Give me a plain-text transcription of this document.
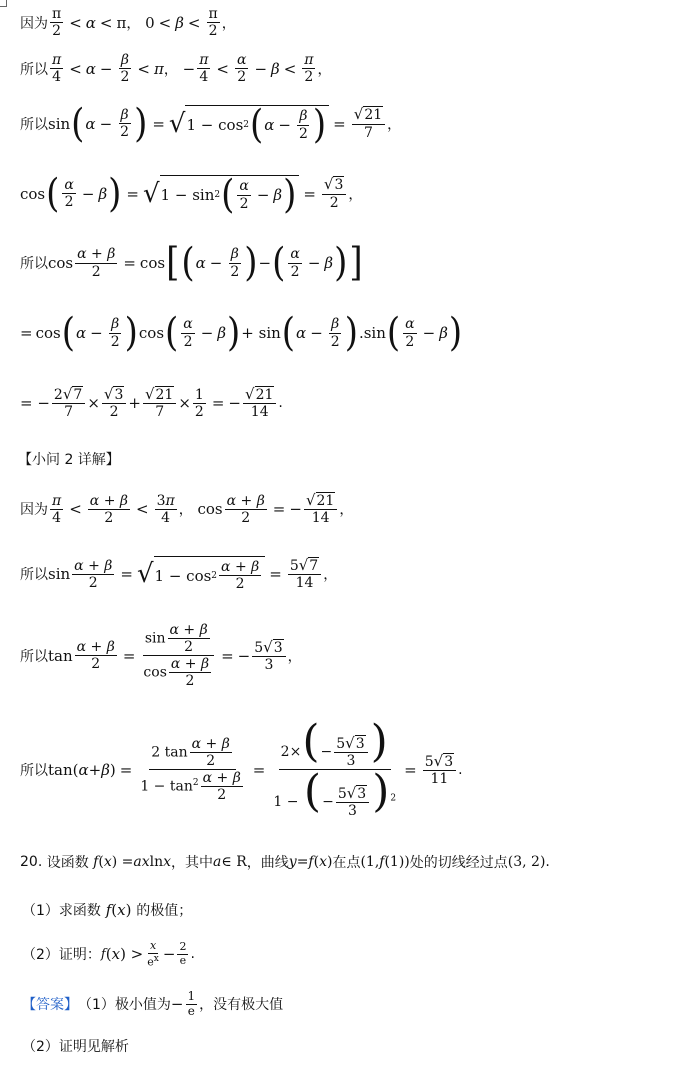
因为 $\frac{\pi}{2} < \alpha < \pi$ ， $0 < \beta < \frac{\pi}{2}$ ，
所以 $\frac{\pi}{4} < \alpha - \frac{\beta}{2} < \pi$ ， − $\frac{\pi}{4} < \frac{\alpha}{2} - \beta < \frac{\pi}{2}$ ，
所以 sin ( $\alpha - \frac{\beta}{2}$ ) = √ 1 − cos 2 ( $\alpha - \frac{\beta}{2}$ ) = $\frac{√ 21}{7}$ ，
cos ( $\frac{\alpha}{2} - \beta$ ) = √ 1 − sin 2 ( $\frac{\alpha}{2} - \beta$ ) = $\frac{√ 3}{2}$ ，
所以 $\cos \frac{\alpha + \beta}{2} = \cos$ [ ( $\alpha - \frac{\beta}{2}$ ) − ( $\frac{\alpha}{2} - \beta$ ) ]
= cos ( $\alpha - \frac{\beta}{2}$ ) cos ( $\frac{\alpha}{2} - \beta$ ) + sin ( $\alpha - \frac{\beta}{2}$ ) .sin ( $\frac{\alpha}{2} - \beta$ )
= − $\frac{2 √ 7}{7} \times \frac{√ 3}{2} + \frac{√ 21}{7} \times \frac{1}{2}$ = − $\frac{√ 21}{14}$ .
【小问 2 详解】
因为 $\frac{\pi}{4} < \frac{\alpha + \beta}{2} < \frac{3\pi}{4}$ ， $\cos \frac{\alpha + \beta}{2}$ = − $\frac{√ 21}{14}$ ，
所以 $\sin \frac{\alpha + \beta}{2}$ = √ $1 - \cos 2 \frac{\alpha + \beta}{2} = \frac{5 √ 7}{14}$ ，
所以 $\tan \frac{\alpha + \beta}{2} = \frac{\sin \frac{\alpha + \beta}{2}}{\cos \frac{\alpha + \beta}{2}}$ = − $\frac{5 √ 3}{3}$ ，
所以 tan( α + β ) = $\frac{2 \tan \frac{\alpha + \beta}{2}}{1 - \tan^2 \frac{\alpha + \beta}{2}} = \frac{2\times(- \frac{5 √ 3}{3} )}{1 - (- \frac{5 √ 3}{3} )^2} = \frac{5 √ 3}{11}$ .
20.
设函数
f ( x ) = ax ln x ，其中 a ∈ R ，曲线 y = f ( x ) 在点 (1, f (1)) 处的切线经过点 (3, 2) .
（1）求函数
f ( x ) 的极值；
（2）证明： f ( x ) > $\frac{x}{e^x} - \frac{2}{e}$ .
【答案】 （1）极小值为 − $\frac{1}{e}$ ，没有极大值
（2）证明见解析
